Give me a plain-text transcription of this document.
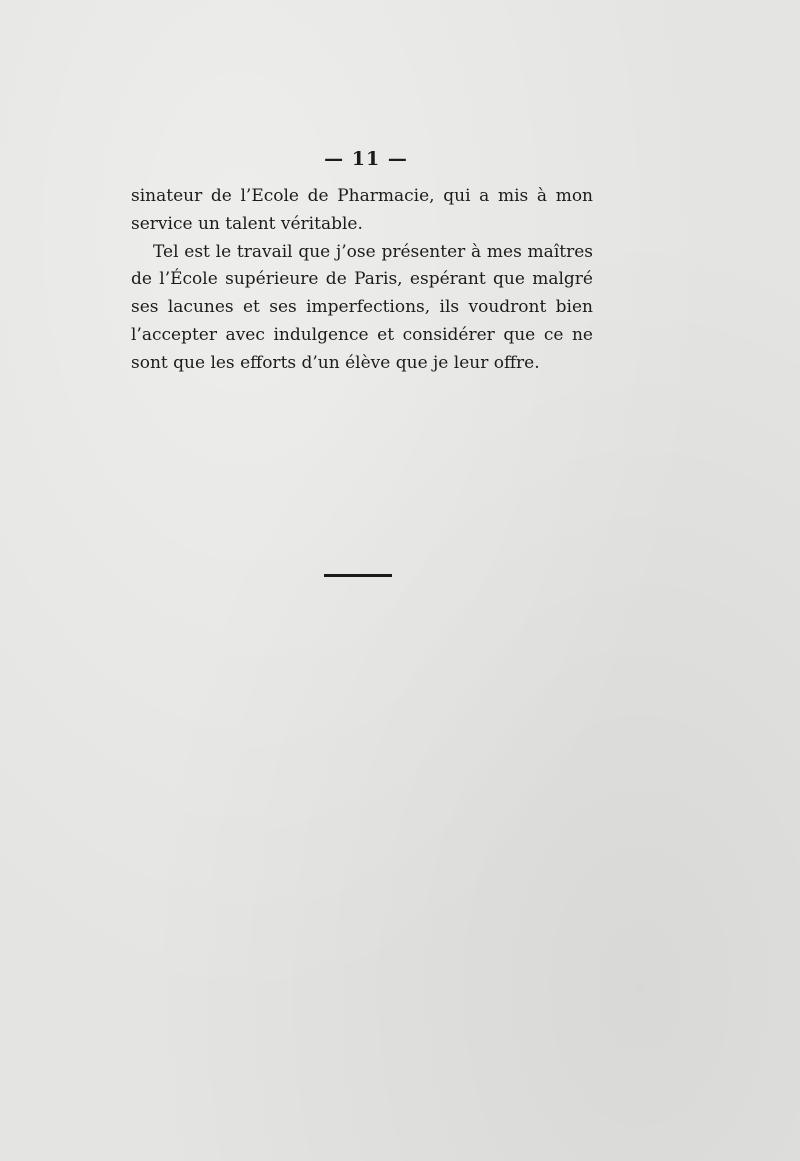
— 11 —

sinateur de l’Ecole de Pharmacie, qui a mis à mon service un talent véritable.

Tel est le travail que j’ose présenter à mes maîtres de l’École supérieure de Paris, espérant que malgré ses lacunes et ses imperfections, ils voudront bien l’accepter avec indulgence et considérer que ce ne sont que les efforts d’un élève que je leur offre.
